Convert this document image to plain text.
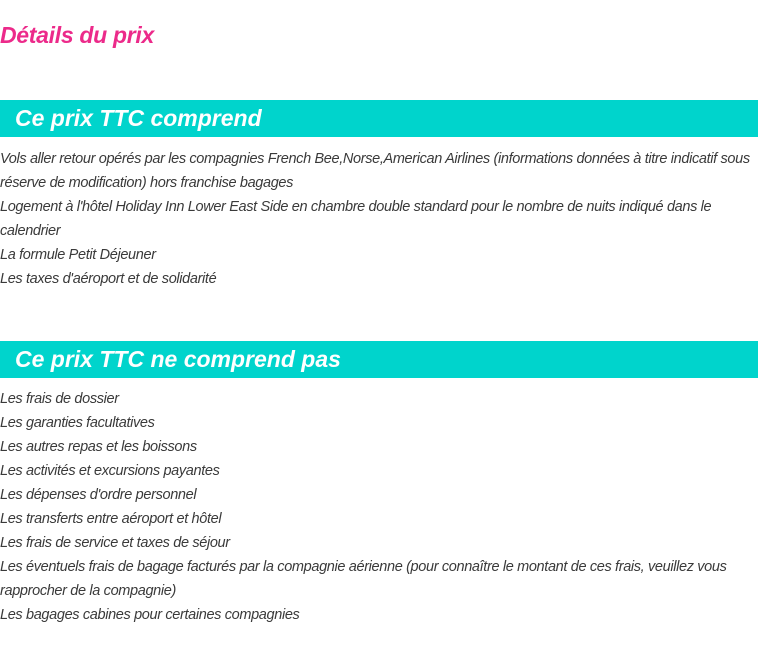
Détails du prix
Ce prix TTC comprend
Vols aller retour opérés par les compagnies French Bee,Norse,American Airlines (informations données à titre indicatif sous réserve de modification) hors franchise bagages
Logement à l'hôtel Holiday Inn Lower East Side en chambre double standard pour le nombre de nuits indiqué dans le calendrier
La formule Petit Déjeuner
Les taxes d'aéroport et de solidarité
Ce prix TTC ne comprend pas
Les frais de dossier
Les garanties facultatives
Les autres repas et les boissons
Les activités et excursions payantes
Les dépenses d'ordre personnel
Les transferts entre aéroport et hôtel
Les frais de service et taxes de séjour
Les éventuels frais de bagage facturés par la compagnie aérienne (pour connaître le montant de ces frais, veuillez vous rapprocher de la compagnie)
Les bagages cabines pour certaines compagnies
